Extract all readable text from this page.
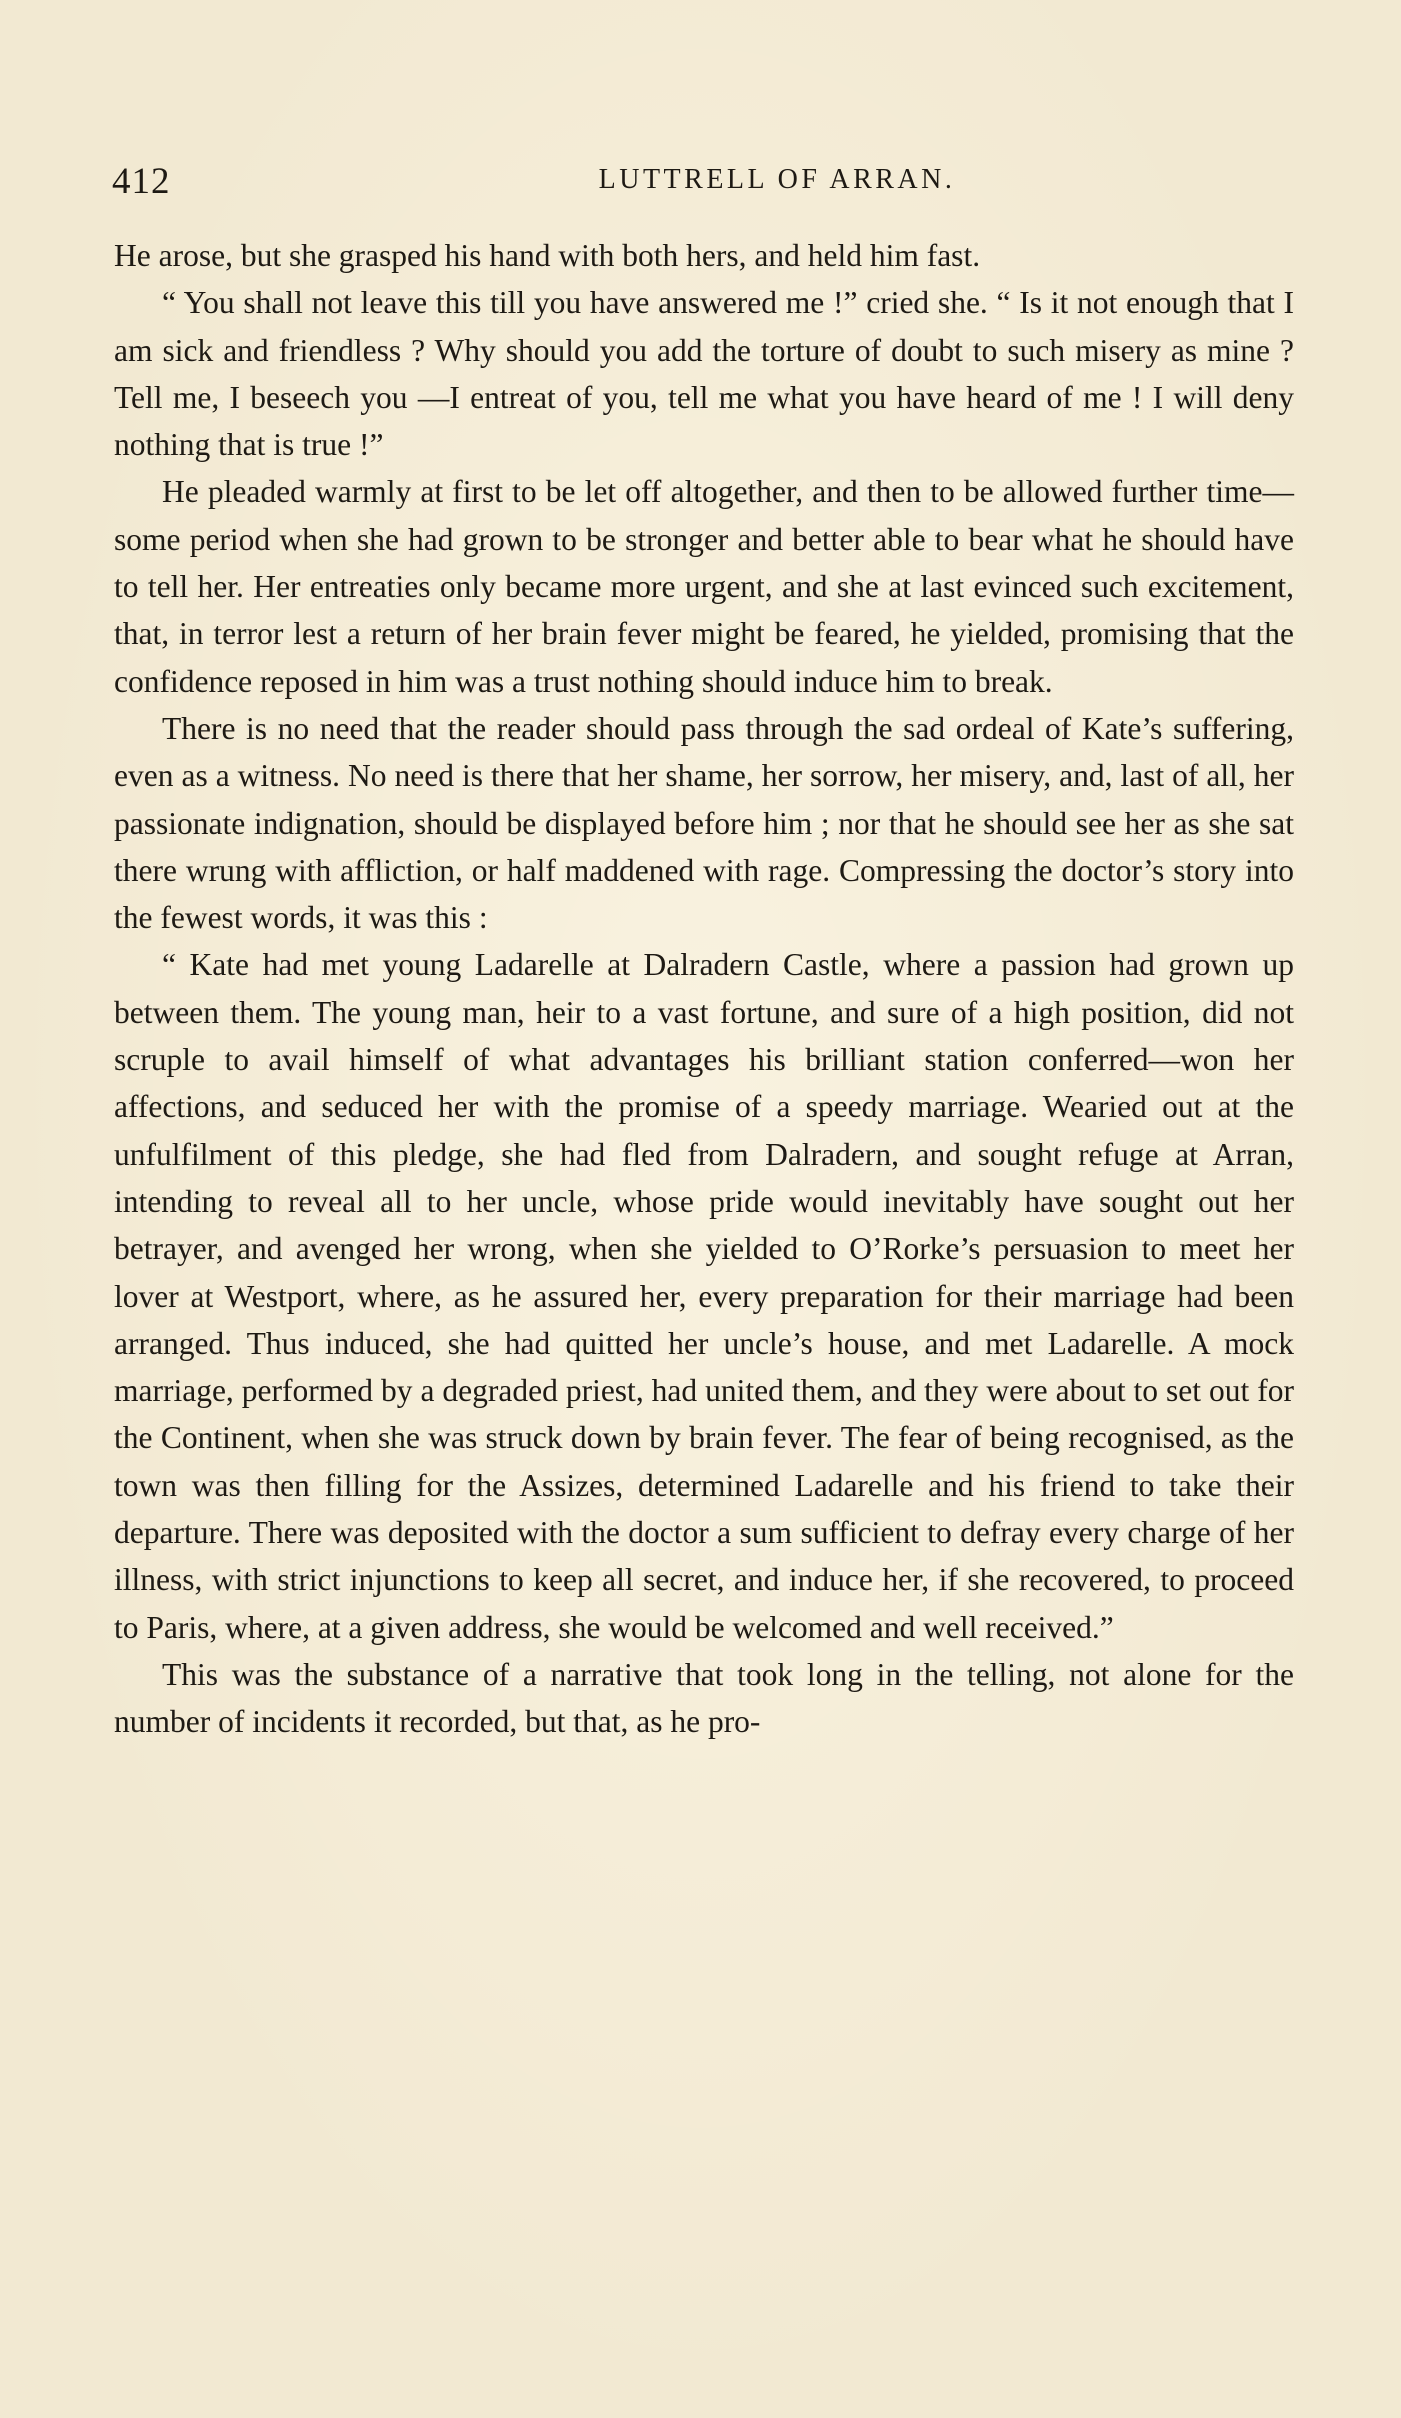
412	LUTTRELL OF ARRAN.

He arose, but she grasped his hand with both hers, and held him fast.

“ You shall not leave this till you have answered me !” cried she. “ Is it not enough that I am sick and friendless ? Why should you add the torture of doubt to such misery as mine ? Tell me, I beseech you —I entreat of you, tell me what you have heard of me ! I will deny nothing that is true !”

He pleaded warmly at first to be let off altogether, and then to be allowed further time—some period when she had grown to be stronger and better able to bear what he should have to tell her. Her entreaties only became more urgent, and she at last evinced such excitement, that, in terror lest a return of her brain fever might be feared, he yielded, promising that the confidence reposed in him was a trust nothing should induce him to break.

There is no need that the reader should pass through the sad ordeal of Kate’s suffering, even as a witness. No need is there that her shame, her sorrow, her misery, and, last of all, her passionate indignation, should be displayed before him ; nor that he should see her as she sat there wrung with affliction, or half maddened with rage. Compressing the doctor’s story into the fewest words, it was this :

“ Kate had met young Ladarelle at Dalradern Castle, where a passion had grown up between them. The young man, heir to a vast fortune, and sure of a high position, did not scruple to avail himself of what advantages his brilliant station conferred—won her affections, and seduced her with the promise of a speedy marriage. Wearied out at the unfulfilment of this pledge, she had fled from Dalradern, and sought refuge at Arran, intending to reveal all to her uncle, whose pride would inevitably have sought out her betrayer, and avenged her wrong, when she yielded to O’Rorke’s persuasion to meet her lover at Westport, where, as he assured her, every preparation for their marriage had been arranged. Thus induced, she had quitted her uncle’s house, and met Ladarelle. A mock marriage, performed by a degraded priest, had united them, and they were about to set out for the Continent, when she was struck down by brain fever. The fear of being recognised, as the town was then filling for the Assizes, determined Ladarelle and his friend to take their departure. There was deposited with the doctor a sum sufficient to defray every charge of her illness, with strict injunctions to keep all secret, and induce her, if she recovered, to proceed to Paris, where, at a given address, she would be welcomed and well received.”

This was the substance of a narrative that took long in the telling, not alone for the number of incidents it recorded, but that, as he pro-
